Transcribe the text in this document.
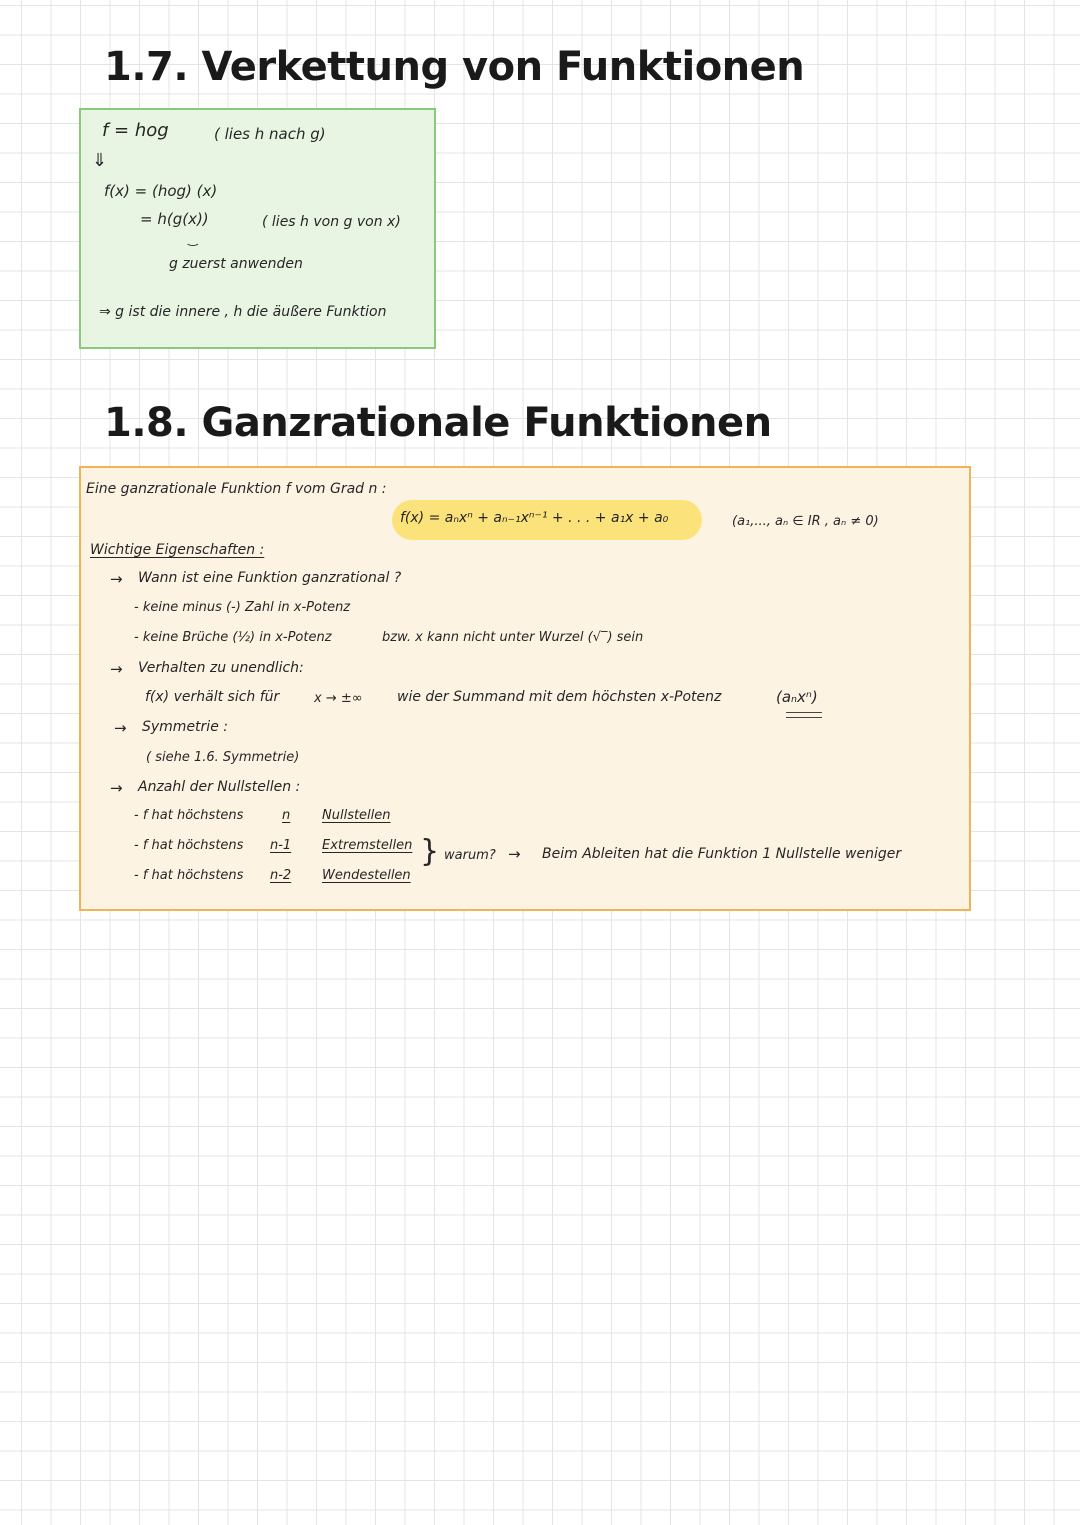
1.7. Verkettung von Funktionen
f = hog	( lies h nach g)
⇓
f(x) = (hog) (x)
= h(g(x))	( lies h von g von x)
‿
g zuerst anwenden
⇒ g ist die innere , h die äußere Funktion
1.8. Ganzrationale Funktionen
Eine ganzrationale Funktion f vom Grad n :
f(x) = aₙxⁿ + aₙ₋₁xⁿ⁻¹ + . . . + a₁x + a₀	(a₁,..., aₙ ∈ IR , aₙ ≠ 0)
Wichtige Eigenschaften :
→ Wann ist eine Funktion ganzrational ?
- keine minus (-) Zahl in x-Potenz
- keine Brüche (½) in x-Potenz	bzw. x kann nicht unter Wurzel (√‾) sein
→ Verhalten zu unendlich:
f(x) verhält sich für	x → ±∞ wie der Summand mit dem höchsten x-Potenz	(aₙxⁿ)
→ Symmetrie :
( siehe 1.6. Symmetrie)
→ Anzahl der Nullstellen :
- f hat höchstens	n Nullstellen
- f hat höchstens n-1 Extremstellen
- f hat höchstens n-2 Wendestellen
} warum? → Beim Ableiten hat die Funktion 1 Nullstelle weniger
